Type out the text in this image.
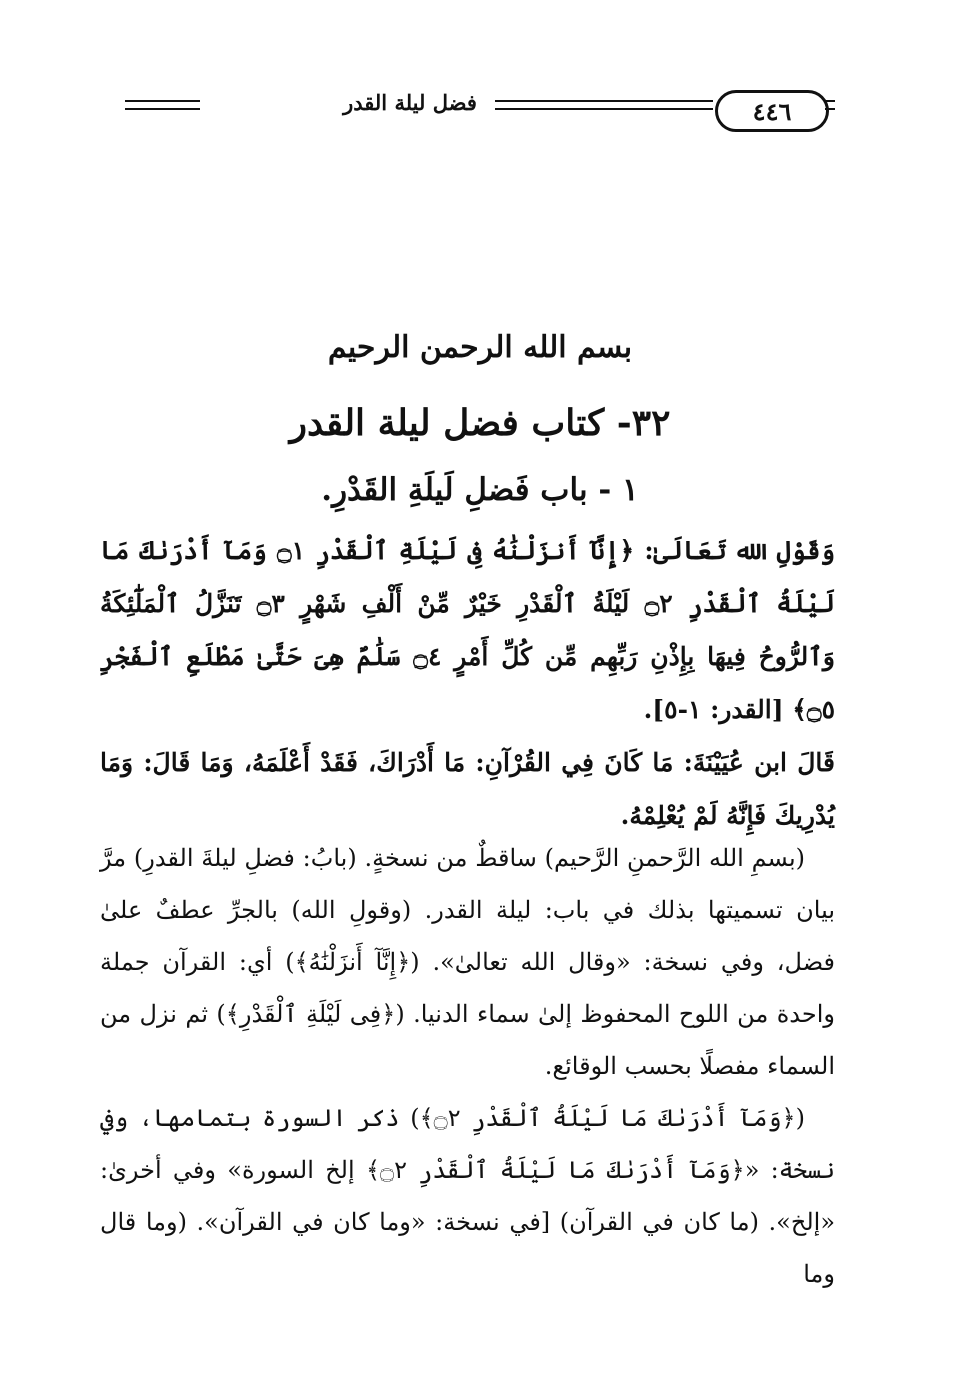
فضل ليلة القدر	٤٤٦
بسم الله الرحمن الرحيم
٣٢- كتاب فضل ليلة القدر
١ - باب فَضلِ لَيلَةِ القَدْرِ.

وَقَوْلِ الله تَعَالَىٰ: ﴿إِنَّآ أَنزَلْنَٰهُ فِى لَيْلَةِ ٱلْقَدْرِ ۝١ وَمَآ أَدْرَىٰكَ مَا لَيْلَةُ ٱلْقَدْرِ ۝٢ لَيْلَةُ ٱلْقَدْرِ خَيْرٌ مِّنْ أَلْفِ شَهْرٍ ۝٣ تَنَزَّلُ ٱلْمَلَٰٓئِكَةُ وَٱلرُّوحُ فِيهَا بِإِذْنِ رَبِّهِم مِّن كُلِّ أَمْرٍ ۝٤ سَلَٰمٌ هِىَ حَتَّىٰ مَطْلَعِ ٱلْفَجْرِ ۝٥﴾ [القدر: ١-٥].

قَالَ ابن عُيَيْنَةَ: مَا كَانَ فِي القُرْآنِ: مَا أَدْرَاكَ، فَقَدْ أَعْلَمَهُ، وَمَا قَالَ: وَمَا يُدْرِيكَ فَإِنَّهُ لَمْ يُعْلِمْهُ.

(بسمِ الله الرَّحمنِ الرَّحيم) ساقطٌ من نسخةٍ. (بابُ: فضلِ ليلةَ القدرِ) مرَّ بيان تسميتها بذلك في باب: ليلة القدر. (وقولِ الله) بالجرِّ عطفٌ علىٰ فضل، وفي نسخة: «وقال الله تعالىٰ». (﴿إِنَّآ أَنزَلْنَٰهُ﴾) أي: القرآن جملة واحدة من اللوح المحفوظ إلىٰ سماء الدنيا. (﴿فِى لَيْلَةِ ٱلْقَدْرِ﴾) ثم نزل من السماء مفصلًا بحسب الوقائع.

(﴿وَمَآ أَدْرَىٰكَ مَا لَيْلَةُ ٱلْقَدْرِ ۝٢﴾) ذكر السورة بتمامها، وفي نسخة: «﴿وَمَآ أَدْرَىٰكَ مَا لَيْلَةُ ٱلْقَدْرِ ۝٢﴾ إلخ السورة» وفي أخرىٰ: «إلخ». (ما كان في القرآن) [في نسخة: «وما كان في القرآن». (وما قال وما
